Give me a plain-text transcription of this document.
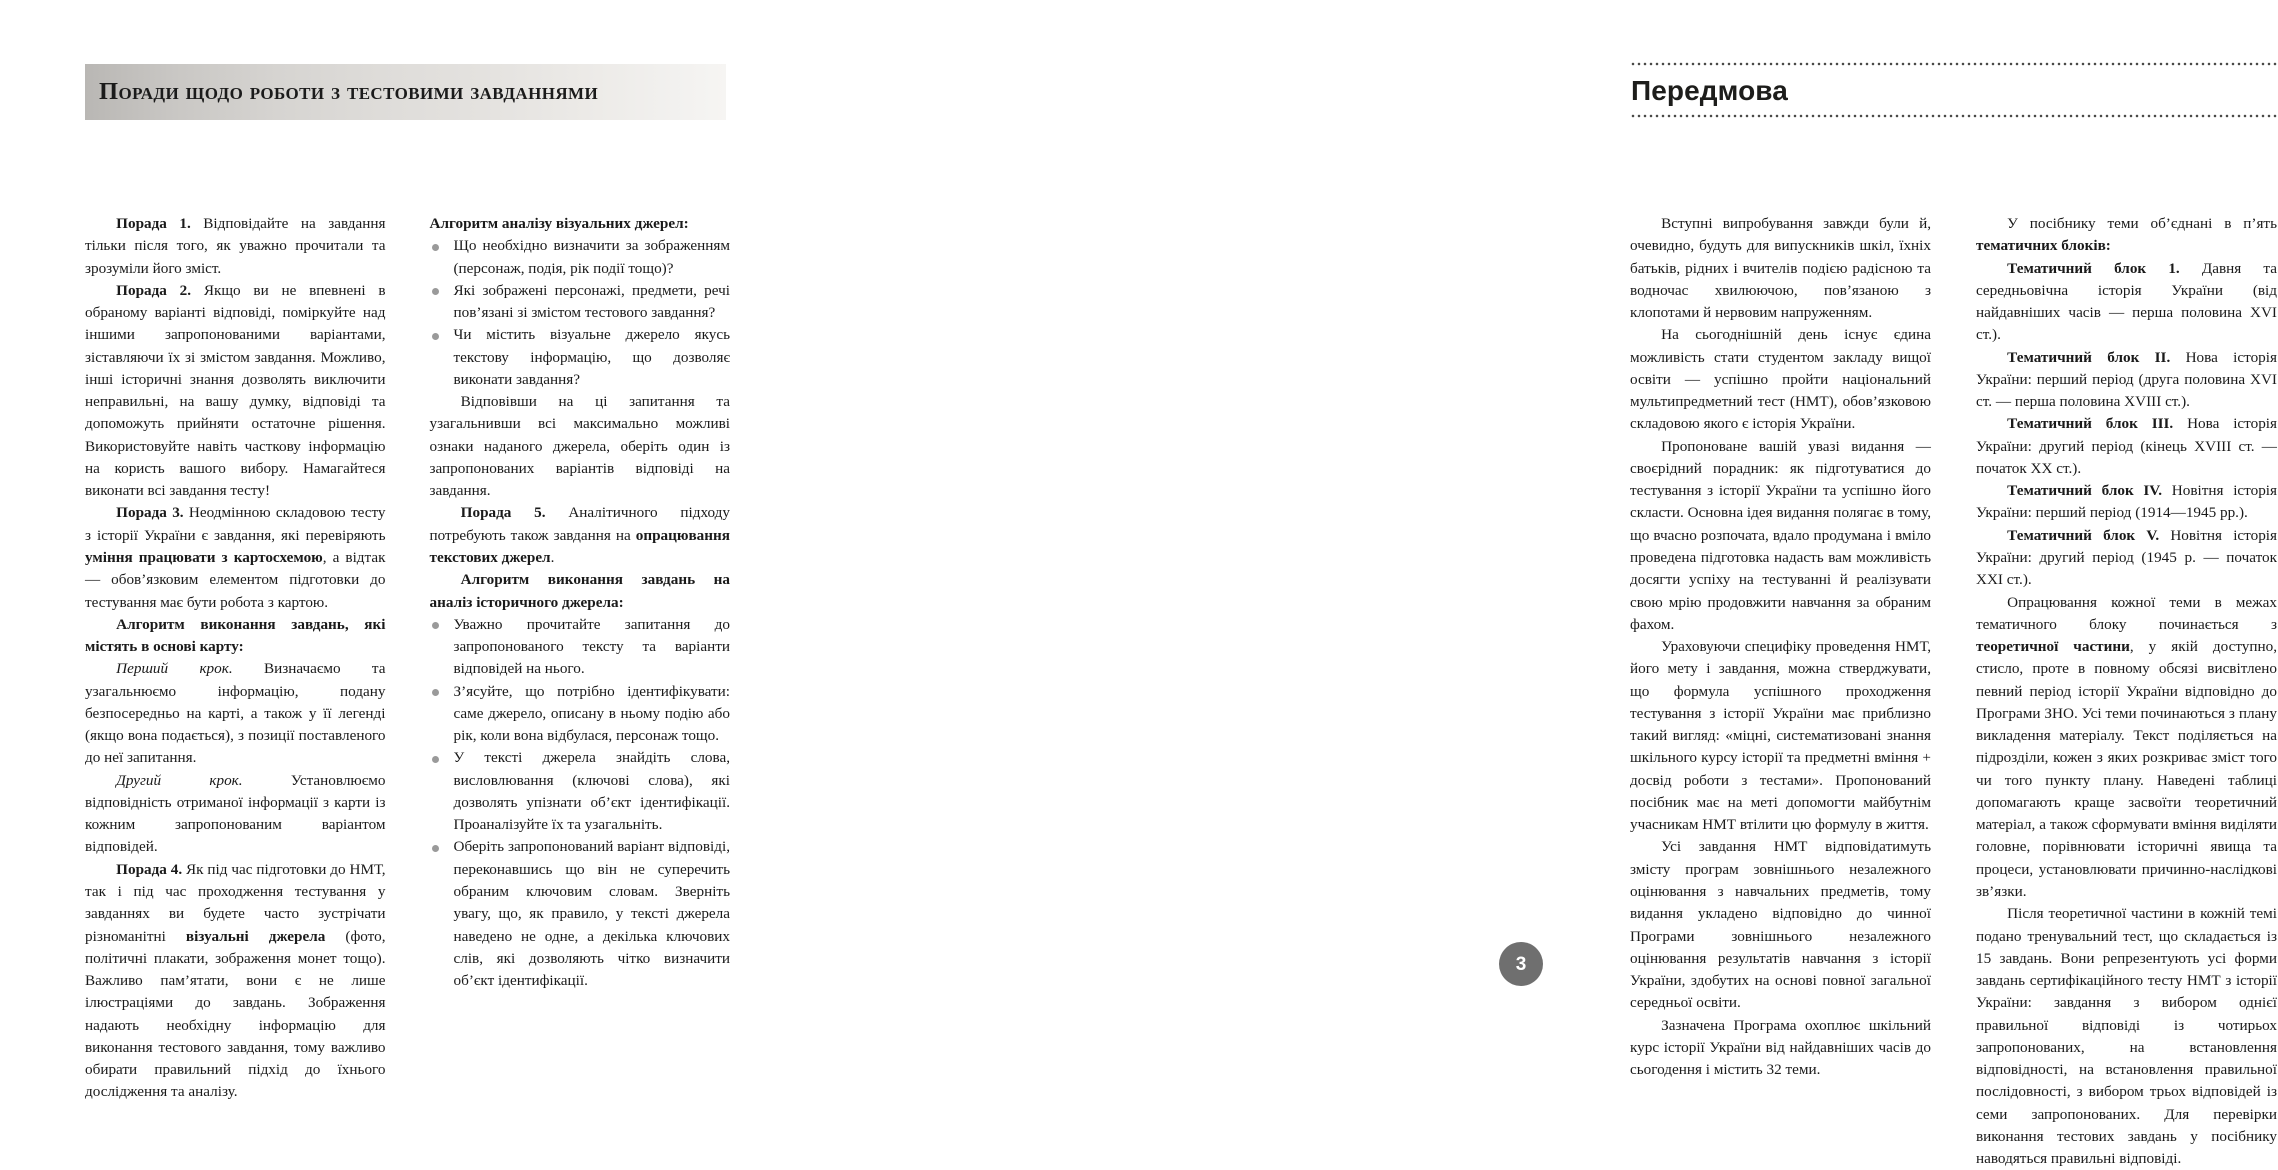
Поради щодо роботи з тестовими завданнями

Порада 1. Відповідайте на завдання тільки після того, як уважно прочитали та зрозуміли його зміст.

Порада 2. Якщо ви не впевнені в обраному варіанті відповіді, поміркуйте над іншими запропонованими варіантами, зіставляючи їх зі змістом завдання. Можливо, інші історичні знання дозволять виключити неправильні, на вашу думку, відповіді та допоможуть прийняти остаточне рішення. Використовуйте навіть часткову інформацію на користь вашого вибору. Намагайтеся виконати всі завдання тесту!

Порада 3. Неодмінною складовою тесту з історії України є завдання, які перевіряють уміння працювати з картосхемою, а відтак — обов’язковим елементом підготовки до тестування має бути робота з картою.

Алгоритм виконання завдань, які містять в основі карту:

Перший крок. Визначаємо та узагальнюємо інформацію, подану безпосередньо на карті, а також у її легенді (якщо вона подається), з позиції поставленого до неї запитання.

Другий крок. Установлюємо відповідність отриманої інформації з карти із кожним запропонованим варіантом відповідей.

Порада 4. Як під час підготовки до НМТ, так і під час проходження тестування у завданнях ви будете часто зустрічати різноманітні візуальні джерела (фото, політичні плакати, зображення монет тощо). Важливо пам’ятати, вони є не лише ілюстраціями до завдань. Зображення надають необхідну інформацію для виконання тестового завдання, тому важливо обирати правильний підхід до їхнього дослідження та аналізу.

Алгоритм аналізу візуальних джерел:

Що необхідно визначити за зображенням (персонаж, подія, рік події тощо)?
Які зображені персонажі, предмети, речі пов’язані зі змістом тестового завдання?
Чи містить візуальне джерело якусь текстову інформацію, що дозволяє виконати завдання?

Відповівши на ці запитання та узагальнивши всі максимально можливі ознаки наданого джерела, оберіть один із запропонованих варіантів відповіді на завдання.

Порада 5. Аналітичного підходу потребують також завдання на опрацювання текстових джерел.

Алгоритм виконання завдань на аналіз історичного джерела:

Уважно прочитайте запитання до запропонованого тексту та варіанти відповідей на нього.
З’ясуйте, що потрібно ідентифікувати: саме джерело, описану в ньому подію або рік, коли вона відбулася, персонаж тощо.
У тексті джерела знайдіть слова, висловлювання (ключові слова), які дозволять упізнати об’єкт ідентифікації. Проаналізуйте їх та узагальніть.
Оберіть запропонований варіант відповіді, переконавшись що він не суперечить обраним ключовим словам. Зверніть увагу, що, як правило, у тексті джерела наведено не одне, а декілька ключових слів, які дозволяють чітко визначити об’єкт ідентифікації.
Передмова

Вступні випробування завжди були й, очевидно, будуть для випускників шкіл, їхніх батьків, рідних і вчителів подією радісною та водночас хвилюючою, пов’язаною з клопотами й нервовим напруженням.

На сьогоднішній день існує єдина можливість стати студентом закладу вищої освіти — успішно пройти національний мультипредметний тест (НМТ), обов’язковою складовою якого є історія України.

Пропоноване вашій увазі видання — своєрідний порадник: як підготуватися до тестування з історії України та успішно його скласти. Основна ідея видання полягає в тому, що вчасно розпочата, вдало продумана і вміло проведена підготовка надасть вам можливість досягти успіху на тестуванні й реалізувати свою мрію продовжити навчання за обраним фахом.

Ураховуючи специфіку проведення НМТ, його мету і завдання, можна стверджувати, що формула успішного проходження тестування з історії України має приблизно такий вигляд: «міцні, систематизовані знання шкільного курсу історії та предметні вміння + досвід роботи з тестами». Пропонований посібник має на меті допомогти майбутнім учасникам НМТ втілити цю формулу в життя.

Усі завдання НМТ відповідатимуть змісту програм зовнішнього незалежного оцінювання з навчальних предметів, тому видання укладено відповідно до чинної Програми зовнішнього незалежного оцінювання результатів навчання з історії України, здобутих на основі повної загальної середньої освіти.

Зазначена Програма охоплює шкільний курс історії України від найдавніших часів до сьогодення і містить 32 теми.

У посібнику теми об’єднані в п’ять тематичних блоків:

Тематичний блок 1. Давня та середньовічна історія України (від найдавніших часів — перша половина XVI ст.).

Тематичний блок II. Нова історія України: перший період (друга половина XVI ст. — перша половина XVIII ст.).

Тематичний блок III. Нова історія України: другий період (кінець XVIII ст. — початок XX ст.).

Тематичний блок IV. Новітня історія України: перший період (1914—1945 рр.).

Тематичний блок V. Новітня історія України: другий період (1945 р. — початок XXI ст.).

Опрацювання кожної теми в межах тематичного блоку починається з теоретичної частини, у якій доступно, стисло, проте в повному обсязі висвітлено певний період історії України відповідно до Програми ЗНО. Усі теми починаються з плану викладення матеріалу. Текст поділяється на підрозділи, кожен з яких розкриває зміст того чи того пункту плану. Наведені таблиці допомагають краще засвоїти теоретичний матеріал, а також сформувати вміння виділяти головне, порівнювати історичні явища та процеси, установлювати причинно-наслідкові зв’язки.

Після теоретичної частини в кожній темі подано тренувальний тест, що складається із 15 завдань. Вони репрезентують усі форми завдань сертифікаційного тесту НМТ з історії України: завдання з вибором однієї правильної відповіді із чотирьох запропонованих, на встановлення відповідності, на встановлення правильної послідовності, з вибором трьох відповідей із семи запропонованих. Для перевірки виконання тестових завдань у посібнику наводяться правильні відповіді.

3
